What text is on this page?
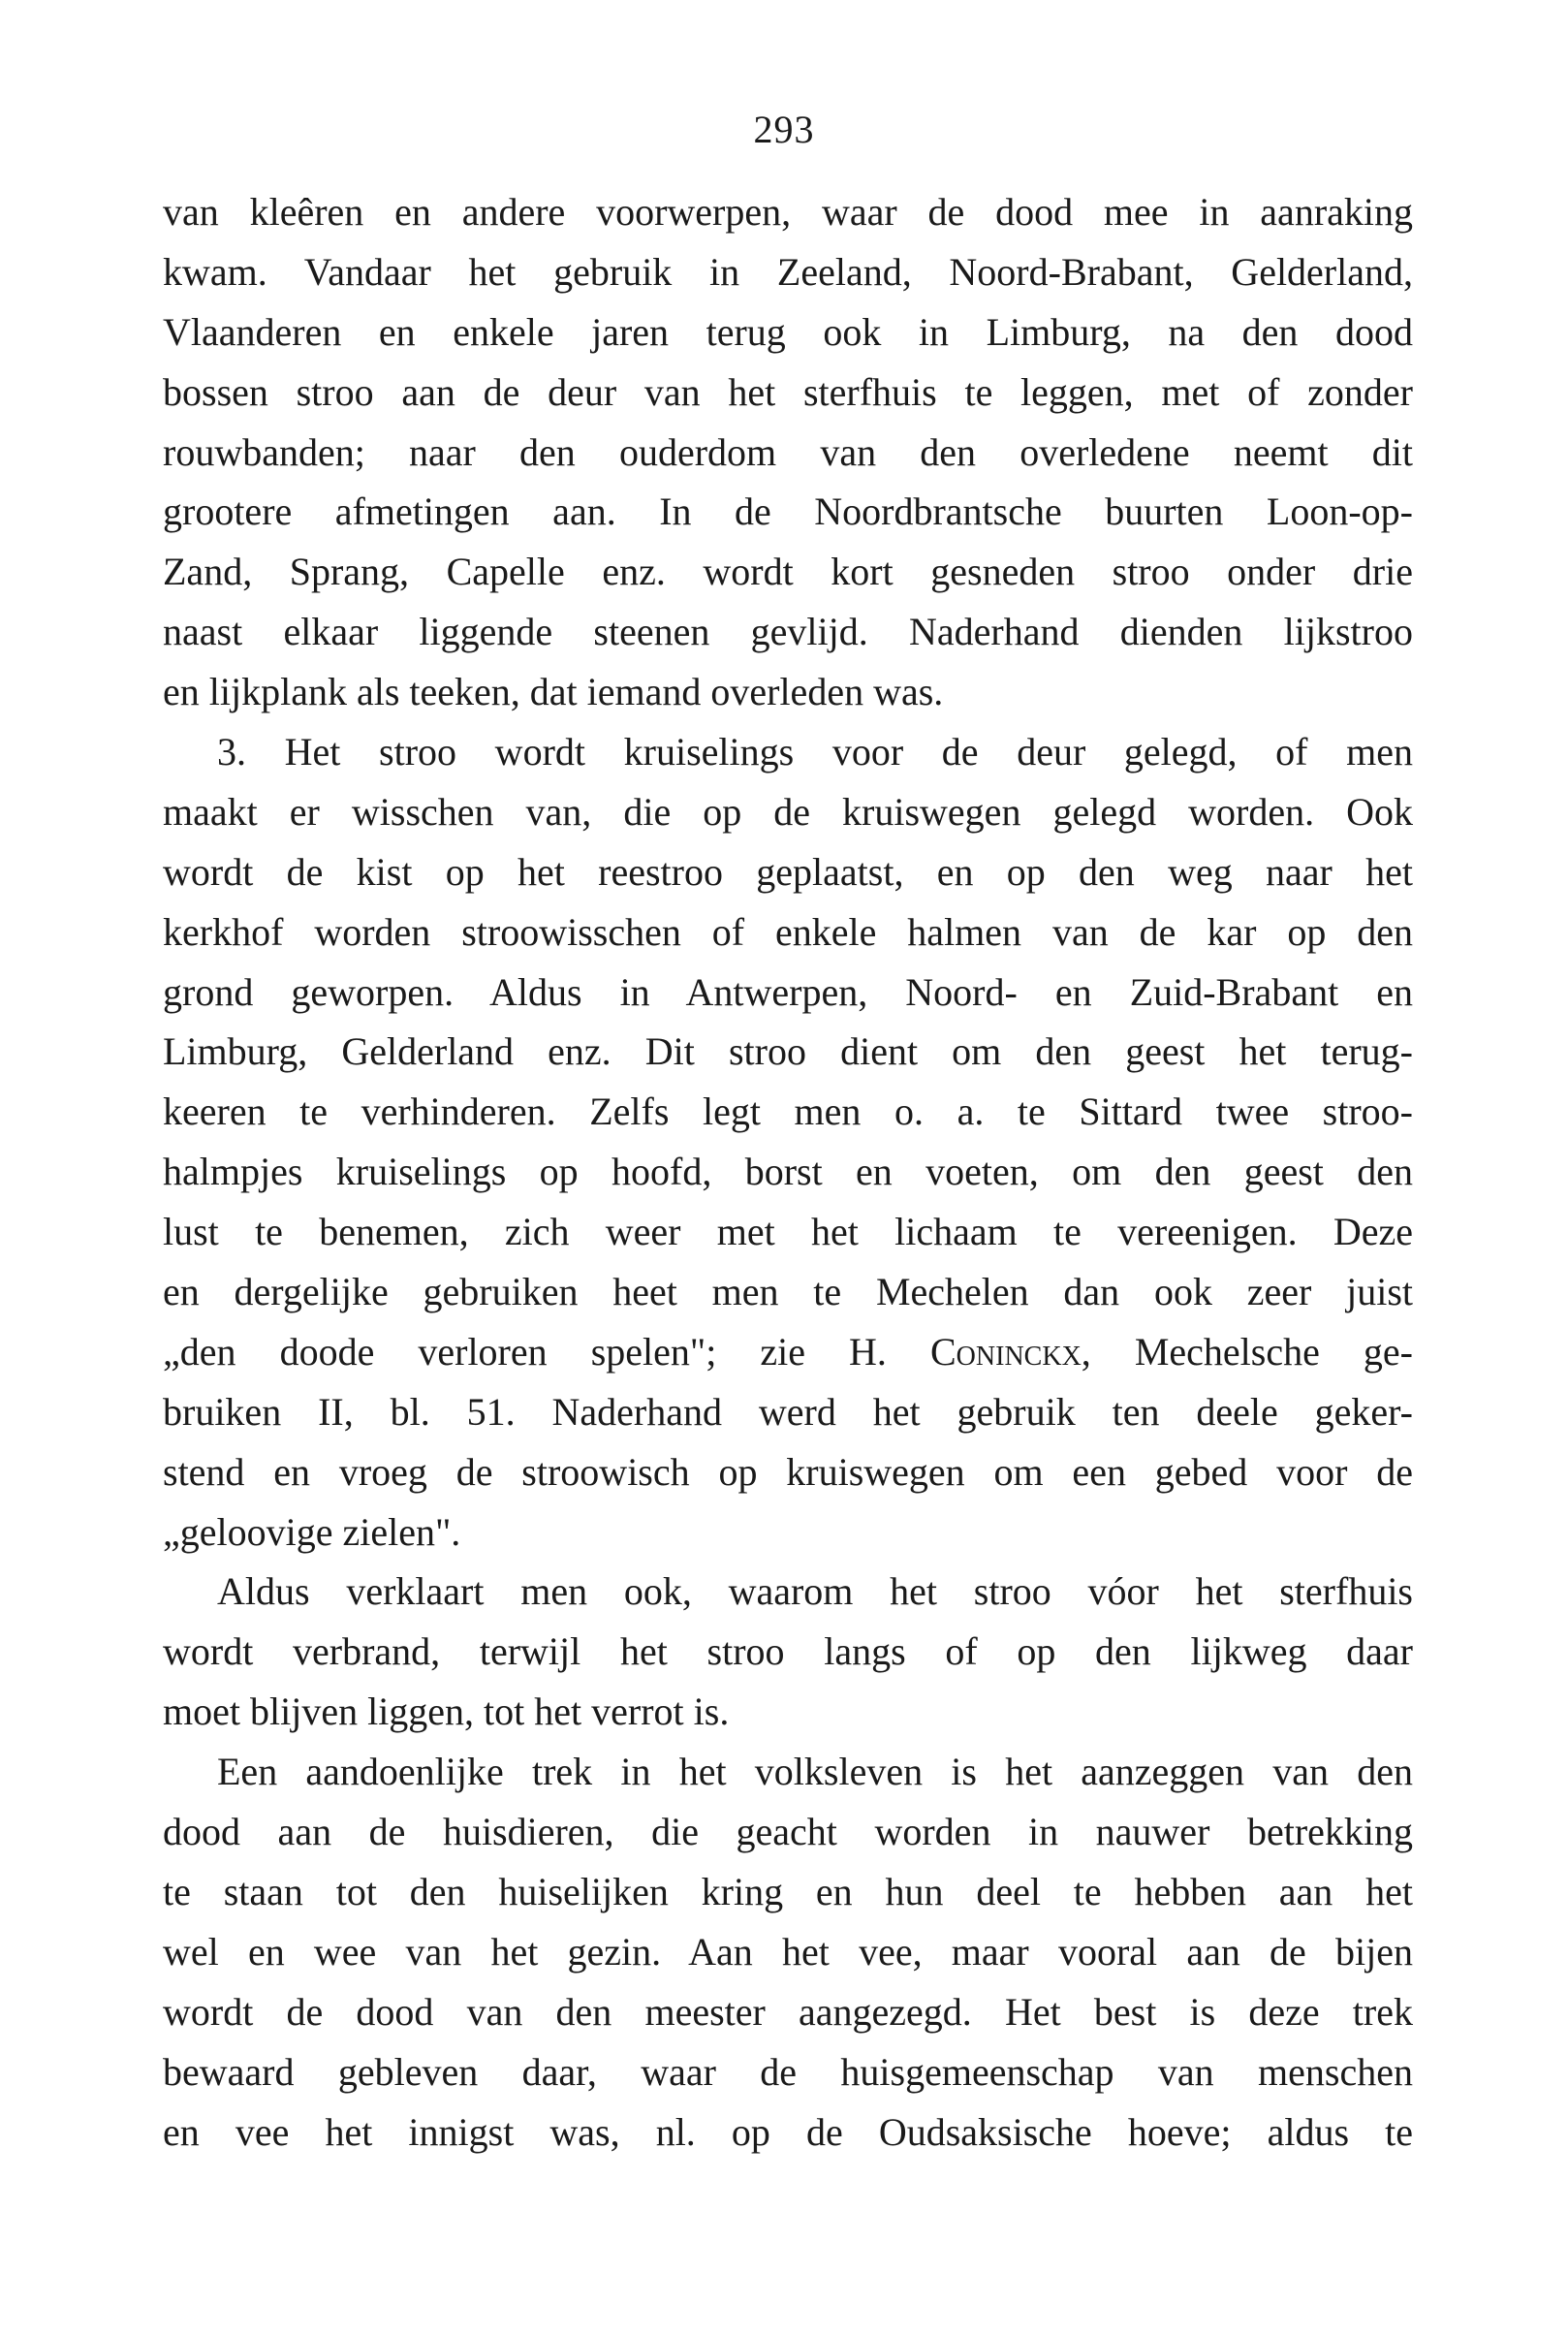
293
van kleêren en andere voorwerpen, waar de dood mee in aanraking
kwam. Vandaar het gebruik in Zeeland, Noord-Brabant, Gelderland,
Vlaanderen en enkele jaren terug ook in Limburg, na den dood
bossen stroo aan de deur van het sterfhuis te leggen, met of zonder
rouwbanden; naar den ouderdom van den overledene neemt dit
grootere afmetingen aan. In de Noordbrantsche buurten Loon-op-
Zand, Sprang, Capelle enz. wordt kort gesneden stroo onder drie
naast elkaar liggende steenen gevlijd. Naderhand dienden lijkstroo
en lijkplank als teeken, dat iemand overleden was.
3. Het stroo wordt kruiselings voor de deur gelegd, of men
maakt er wisschen van, die op de kruiswegen gelegd worden. Ook
wordt de kist op het reestroo geplaatst, en op den weg naar het
kerkhof worden stroowisschen of enkele halmen van de kar op den
grond geworpen. Aldus in Antwerpen, Noord- en Zuid-Brabant en
Limburg, Gelderland enz. Dit stroo dient om den geest het terug-
keeren te verhinderen. Zelfs legt men o. a. te Sittard twee stroo-
halmpjes kruiselings op hoofd, borst en voeten, om den geest den
lust te benemen, zich weer met het lichaam te vereenigen. Deze
en dergelijke gebruiken heet men te Mechelen dan ook zeer juist
„den doode verloren spelen"; zie H. Coninckx, Mechelsche ge-
bruiken II, bl. 51. Naderhand werd het gebruik ten deele geker-
stend en vroeg de stroowisch op kruiswegen om een gebed voor de
„geloovige zielen".
Aldus verklaart men ook, waarom het stroo vóor het sterfhuis
wordt verbrand, terwijl het stroo langs of op den lijkweg daar
moet blijven liggen, tot het verrot is.
Een aandoenlijke trek in het volksleven is het aanzeggen van den
dood aan de huisdieren, die geacht worden in nauwer betrekking
te staan tot den huiselijken kring en hun deel te hebben aan het
wel en wee van het gezin. Aan het vee, maar vooral aan de bijen
wordt de dood van den meester aangezegd. Het best is deze trek
bewaard gebleven daar, waar de huisgemeenschap van menschen
en vee het innigst was, nl. op de Oudsaksische hoeve; aldus te
